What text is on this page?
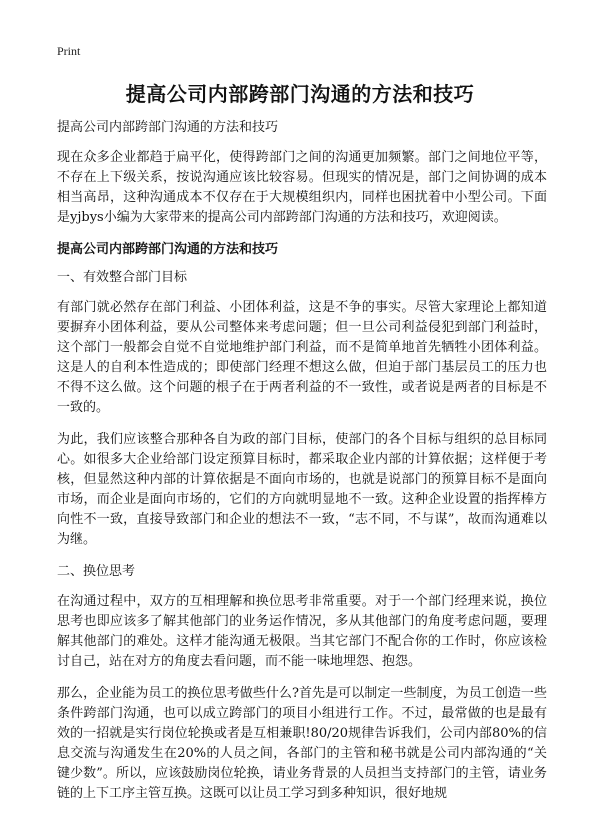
Print
提高公司内部跨部门沟通的方法和技巧

提高公司内部跨部门沟通的方法和技巧

现在众多企业都趋于扁平化，使得跨部门之间的沟通更加频繁。部门之间地位平等，不存在上下级关系，按说沟通应该比较容易。但现实的情况是，部门之间协调的成本相当高昂，这种沟通成本不仅存在于大规模组织内，同样也困扰着中小型公司。下面是yjbys小编为大家带来的提高公司内部跨部门沟通的方法和技巧，欢迎阅读。

提高公司内部跨部门沟通的方法和技巧

一、有效整合部门目标

有部门就必然存在部门利益、小团体利益，这是不争的事实。尽管大家理论上都知道要摒弃小团体利益，要从公司整体来考虑问题；但一旦公司利益侵犯到部门利益时，这个部门一般都会自觉不自觉地维护部门利益，而不是简单地首先牺牲小团体利益。这是人的自利本性造成的；即使部门经理不想这么做，但迫于部门基层员工的压力也不得不这么做。这个问题的根子在于两者利益的不一致性，或者说是两者的目标是不一致的。

为此，我们应该整合那种各自为政的部门目标，使部门的各个目标与组织的总目标同心。如很多大企业给部门设定预算目标时，都采取企业内部的计算依据；这样便于考核，但显然这种内部的计算依据是不面向市场的，也就是说部门的预算目标不是面向市场，而企业是面向市场的，它们的方向就明显地不一致。这种企业设置的指挥棒方向性不一致，直接导致部门和企业的想法不一致，“志不同，不与谋”，故而沟通难以为继。

二、换位思考

在沟通过程中，双方的互相理解和换位思考非常重要。对于一个部门经理来说，换位思考也即应该多了解其他部门的业务运作情况，多从其他部门的角度考虑问题，要理解其他部门的难处。这样才能沟通无极限。当其它部门不配合你的工作时，你应该检讨自己，站在对方的角度去看问题，而不能一味地埋怨、抱怨。

那么，企业能为员工的换位思考做些什么?首先是可以制定一些制度，为员工创造一些条件跨部门沟通，也可以成立跨部门的项目小组进行工作。不过，最常做的也是最有效的一招就是实行岗位轮换或者是互相兼职!80/20规律告诉我们，公司内部80%的信息交流与沟通发生在20%的人员之间，各部门的主管和秘书就是公司内部沟通的“关键少数”。所以，应该鼓励岗位轮换，请业务背景的人员担当支持部门的主管，请业务链的上下工序主管互换。这既可以让员工学习到多种知识，很好地规
